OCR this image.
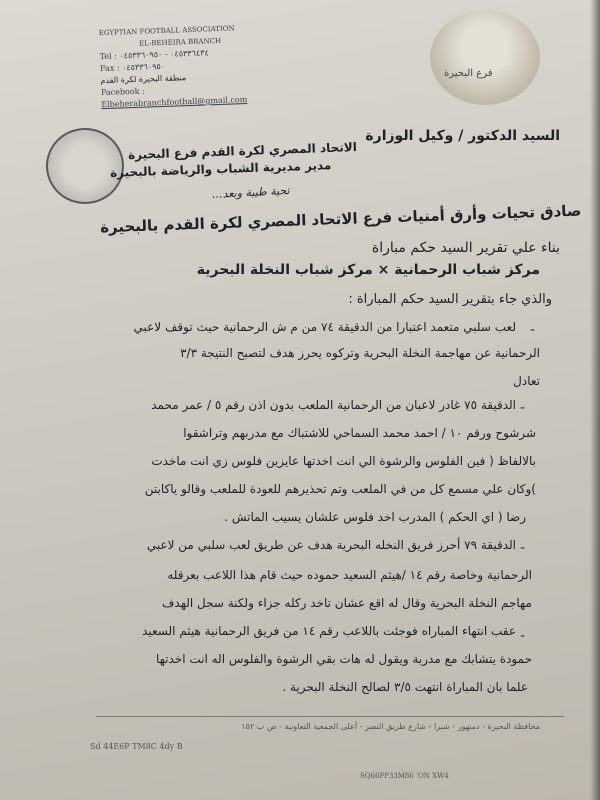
فرع البحيرة
EGYPTIAN FOOTBALL ASSOCIATION
EL-BEHEIRA BRANCH
Tel : ٠٤٥٣٣٦٤٣٤ - ٠٤٥٣٣٦٠٩٥٠
Fax : ٠٤٥٣٣٦٠٩٥٠
منطقة البحيرة لكرة القدم
Facebook :
Elbeherabranchfootball@gmail.com
السيد الدكتور / وكيل الوزارة
الاتحاد المصري لكرة القدم فرع البحيرة
مدير مديرية الشباب والرياضة بالبحيرة
تحية طيبة وبعد...
صادق تحيات وأرق أمنيات فرع الاتحاد المصري لكرة القدم بالبحيرة
بناء علي تقرير السيد حكم مباراة
مركز شباب الرحمانية × مركز شباب النخلة البحرية
والذي جاء بتقرير السيد حكم المباراة :
-
لعب سلبي متعمد اعتبارا من الدقيقة ٧٤ من م ش الرحمانية حيث توقف لاعبي
الرحمانية عن مهاجمة النخلة البحرية وتركوه يحرز هدف لتصبح النتيجة ٣/٣
تعادل
-
الدقيقة ٧٥ غادر لاعبان من الرحمانية الملعب بدون اذن رقم ٥ / عمر محمد
شرشوح ورقم ١٠ / احمد محمد السماحي للاشتباك مع مدربهم وتراشقوا
بالالفاظ ( فين الفلوس والرشوة الي انت اخدتها عايزين فلوس زي انت ماخدت
)وكان علي مسمع كل من في الملعب وتم تحذيرهم للعودة للملعب وقالو ياكابتن
رضا ( اي الحكم ) المدرب اخد فلوس علشان يسيب الماتش .
-
الدقيقة ٧٩ أحرز فريق النخله البحرية هدف عن طريق لعب سلبي من لاعبي
الرحمانية وخاصة رقم ١٤ /هيثم السعيد حموده حيث قام هذا اللاعب بعرقله
مهاجم النخلة البحرية وقال له اقع عشان تاخد ركله جزاء ولكنة سجل الهدف
-
عقب انتهاء المباراه فوجئت باللاعب رقم ١٤ من فريق الرحمانية هيثم السعيد
حمودة يتشابك مع مدربة ويقول له هات بقي الرشوة والفلوس اله انت اخدتها
علما بان المباراة انتهت ٣/٥ لصالح النخلة البحرية .
محافظة البحيرة - دمنهور - شبرا - شارع طريق النصر - أعلى الجمعية التعاونية - ص ب ١٥٢
Sd 44E6P TM8C 4dy B
SQ66PP33M86 'ON XW4
